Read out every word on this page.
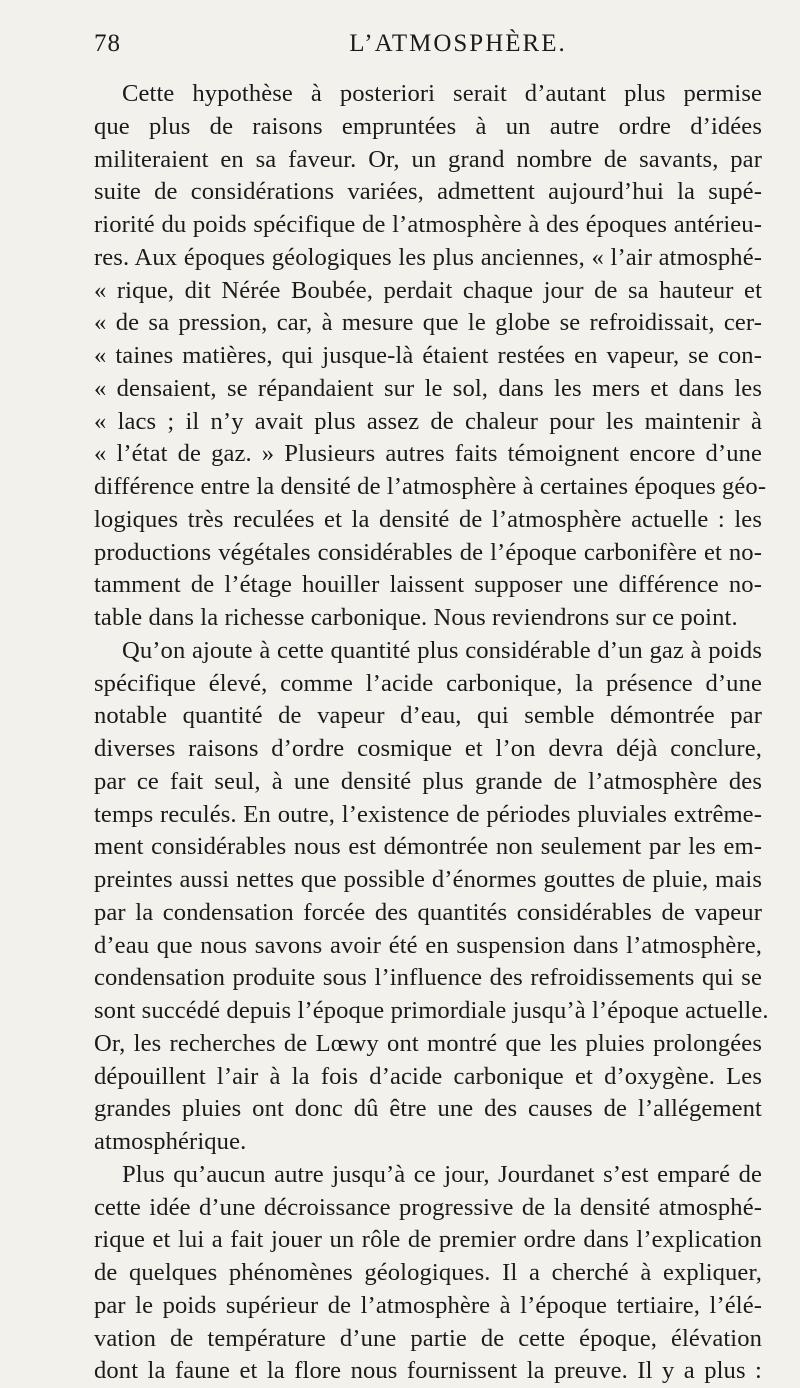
78	L’ATMOSPHÈRE.
Cette hypothèse à posteriori serait d’autant plus permise
que plus de raisons empruntées à un autre ordre d’idées
militeraient en sa faveur. Or, un grand nombre de savants, par
suite de considérations variées, admettent aujourd’hui la supé-
riorité du poids spécifique de l’atmosphère à des époques antérieu-
res. Aux époques géologiques les plus anciennes, « l’air atmosphé-
« rique, dit Nérée Boubée, perdait chaque jour de sa hauteur et
« de sa pression, car, à mesure que le globe se refroidissait, cer-
« taines matières, qui jusque-là étaient restées en vapeur, se con-
« densaient, se répandaient sur le sol, dans les mers et dans les
« lacs ; il n’y avait plus assez de chaleur pour les maintenir à
« l’état de gaz. » Plusieurs autres faits témoignent encore d’une
différence entre la densité de l’atmosphère à certaines époques géo-
logiques très reculées et la densité de l’atmosphère actuelle : les
productions végétales considérables de l’époque carbonifère et no-
tamment de l’étage houiller laissent supposer une différence no-
table dans la richesse carbonique. Nous reviendrons sur ce point.
Qu’on ajoute à cette quantité plus considérable d’un gaz à poids
spécifique élevé, comme l’acide carbonique, la présence d’une
notable quantité de vapeur d’eau, qui semble démontrée par
diverses raisons d’ordre cosmique et l’on devra déjà conclure,
par ce fait seul, à une densité plus grande de l’atmosphère des
temps reculés. En outre, l’existence de périodes pluviales extrême-
ment considérables nous est démontrée non seulement par les em-
preintes aussi nettes que possible d’énormes gouttes de pluie, mais
par la condensation forcée des quantités considérables de vapeur
d’eau que nous savons avoir été en suspension dans l’atmosphère,
condensation produite sous l’influence des refroidissements qui se
sont succédé depuis l’époque primordiale jusqu’à l’époque actuelle.
Or, les recherches de Lœwy ont montré que les pluies prolongées
dépouillent l’air à la fois d’acide carbonique et d’oxygène. Les
grandes pluies ont donc dû être une des causes de l’allégement
atmosphérique.
Plus qu’aucun autre jusqu’à ce jour, Jourdanet s’est emparé de
cette idée d’une décroissance progressive de la densité atmosphé-
rique et lui a fait jouer un rôle de premier ordre dans l’explication
de quelques phénomènes géologiques. Il a cherché à expliquer,
par le poids supérieur de l’atmosphère à l’époque tertiaire, l’élé-
vation de température d’une partie de cette époque, élévation
dont la faune et la flore nous fournissent la preuve. Il y a plus :
